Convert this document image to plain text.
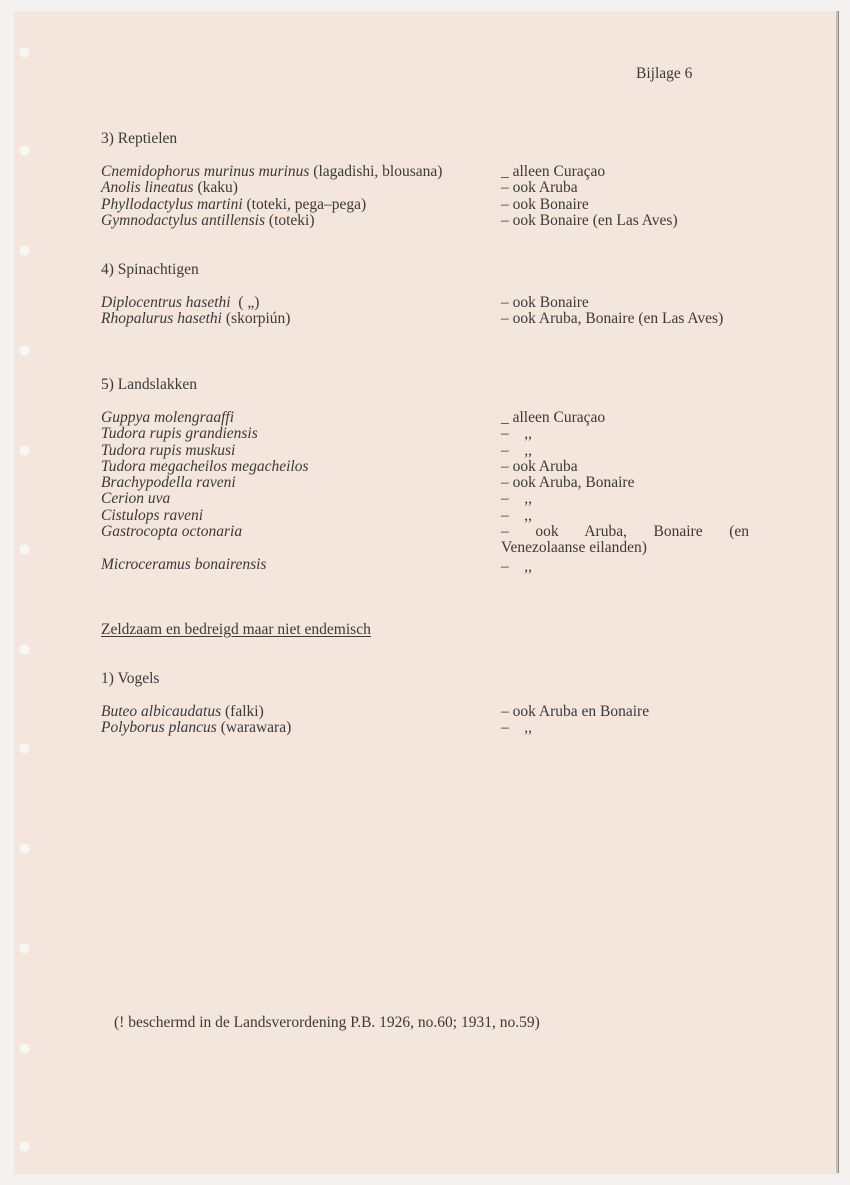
Bijlage 6
3) Reptielen
Cnemidophorus murinus murinus (lagadishi, blousana)
Anolis lineatus (kaku)
Phyllodactylus martini (toteki, pega–pega)
Gymnodactylus antillensis (toteki)
_ alleen Curaçao
– ook Aruba
– ook Bonaire
– ook Bonaire (en Las Aves)
4) Spinachtigen
Diplocentrus hasethi ( „)
Rhopalurus hasethi (skorpiún)
– ook Bonaire
– ook Aruba, Bonaire (en Las Aves)
5) Landslakken
Guppya molengraaffi
Tudora rupis grandiensis
Tudora rupis muskusi
Tudora megacheilos megacheilos
Brachypodella raveni
Cerion uva
Cistulops raveni
Gastrocopta octonaria
Microceramus bonairensis
_ alleen Curaçao
–    ,,
–    ,,
– ook Aruba
– ook Aruba, Bonaire
–    ,,
–    ,,
– ook Aruba, Bonaire (en
Venezolaanse eilanden)
–    ,,
Zeldzaam en bedreigd maar niet endemisch
1) Vogels
Buteo albicaudatus (falki)
Polyborus plancus (warawara)
– ook Aruba en Bonaire
–    ,,
(! beschermd in de Landsverordening P.B. 1926, no.60; 1931, no.59)
